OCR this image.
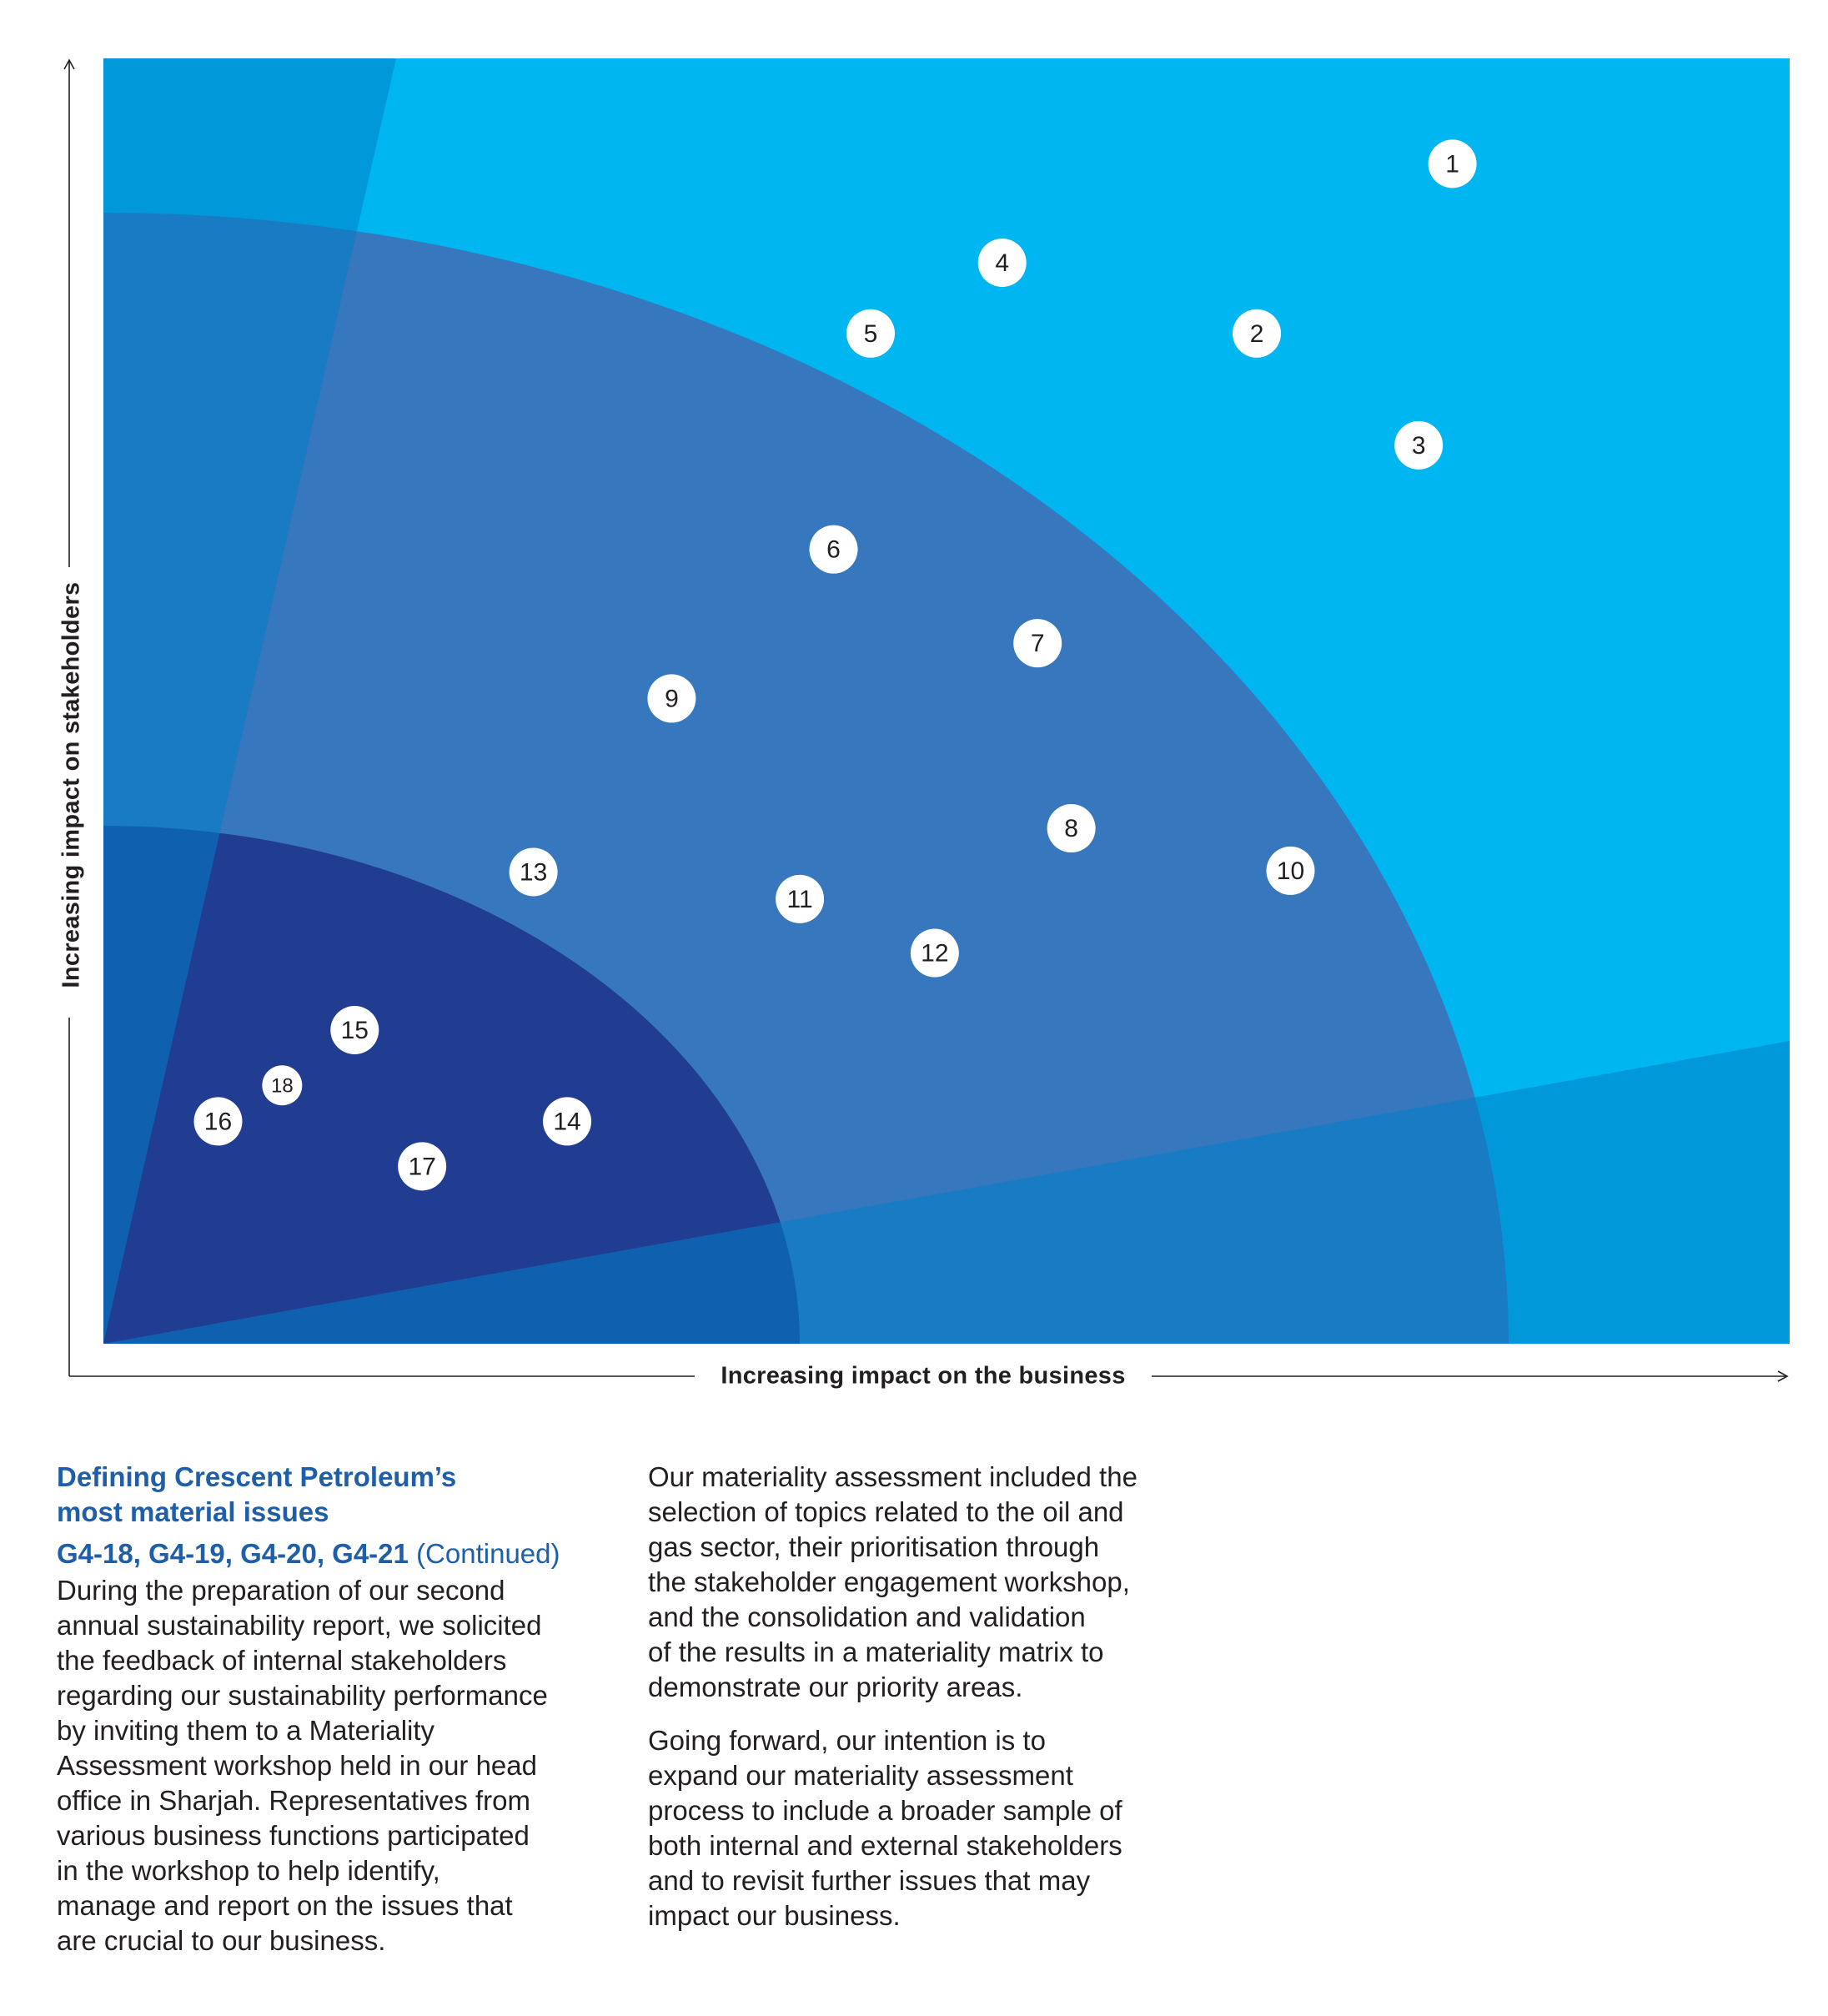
1
2
3
4
5
6
7
8
9
10
11
12
13
14
15
16
17
18
Increasing impact on stakeholders
Increasing impact on the business
Defining Crescent Petroleum’s most material issues
G4-18, G4-19, G4-20, G4-21 (Continued)

During the preparation of our second
annual sustainability report, we solicited
the feedback of internal stakeholders
regarding our sustainability performance
by inviting them to a Materiality
Assessment workshop held in our head
office in Sharjah. Representatives from
various business functions participated
in the workshop to help identify,
manage and report on the issues that
are crucial to our business.

Our materiality assessment included the
selection of topics related to the oil and
gas sector, their prioritisation through
the stakeholder engagement workshop,
and the consolidation and validation
of the results in a materiality matrix to
demonstrate our priority areas.

Going forward, our intention is to
expand our materiality assessment
process to include a broader sample of
both internal and external stakeholders
and to revisit further issues that may
impact our business.
